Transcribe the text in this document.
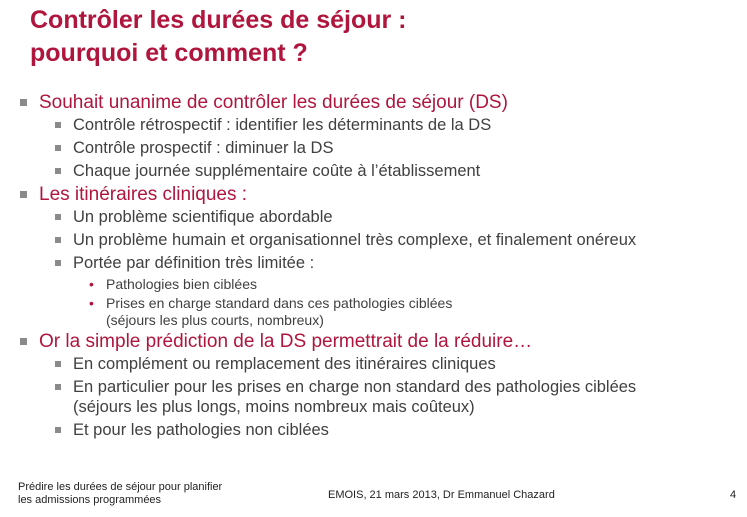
Contrôler les durées de séjour :
pourquoi et comment ?
Souhait unanime de contrôler les durées de séjour (DS)
Contrôle rétrospectif : identifier les déterminants de la DS
Contrôle prospectif : diminuer la DS
Chaque journée supplémentaire coûte à l’établissement
Les itinéraires cliniques :
Un problème scientifique abordable
Un problème humain et organisationnel très complexe, et finalement onéreux
Portée par définition très limitée :
• Pathologies bien ciblées
• Prises en charge standard dans ces pathologies ciblées
(séjours les plus courts, nombreux)
Or la simple prédiction de la DS permettrait de la réduire…
En complément ou remplacement des itinéraires cliniques
En particulier pour les prises en charge non standard des pathologies ciblées
(séjours les plus longs, moins nombreux mais coûteux)
Et pour les pathologies non ciblées
Prédire les durées de séjour pour planifier
les admissions programmées	EMOIS, 21 mars 2013, Dr Emmanuel Chazard	4
